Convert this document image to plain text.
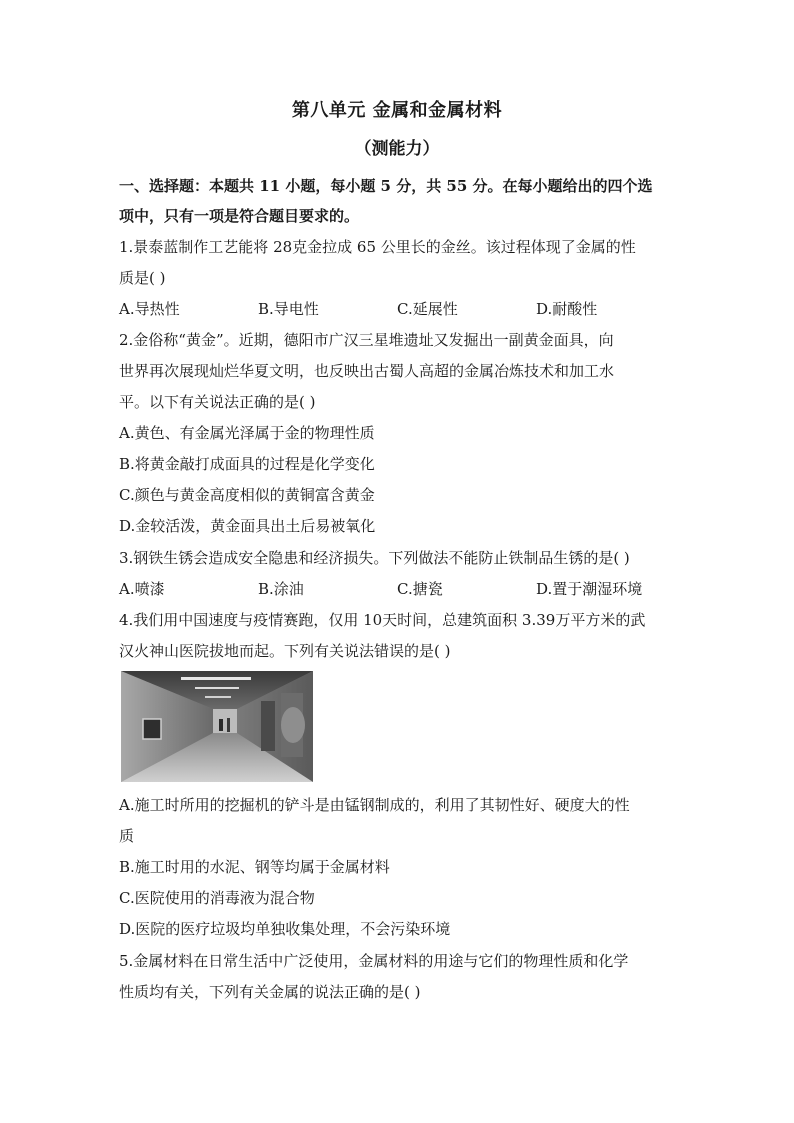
第八单元 金属和金属材料
（测能力）
一、选择题：本题共 11 小题，每小题 5 分，共 55 分。在每小题给出的四个选
项中，只有一项是符合题目要求的。
1.景泰蓝制作工艺能将 28克金拉成 65 公里长的金丝。该过程体现了金属的性
质是( )
A.导热性	B.导电性	C.延展性	D.耐酸性
2.金俗称“黄金”。近期，德阳市广汉三星堆遗址又发掘出一副黄金面具，向
世界再次展现灿烂华夏文明，也反映出古蜀人高超的金属冶炼技术和加工水
平。以下有关说法正确的是( )
A.黄色、有金属光泽属于金的物理性质
B.将黄金敲打成面具的过程是化学变化
C.颜色与黄金高度相似的黄铜富含黄金
D.金较活泼，黄金面具出土后易被氧化
3.钢铁生锈会造成安全隐患和经济损失。下列做法不能防止铁制品生锈的是( )
A.喷漆	B.涂油	C.搪瓷	D.置于潮湿环境
4.我们用中国速度与疫情赛跑，仅用 10天时间，总建筑面积 3.39万平方米的武
汉火神山医院拔地而起。下列有关说法错误的是( )
A.施工时所用的挖掘机的铲斗是由锰钢制成的，利用了其韧性好、硬度大的性
质
B.施工时用的水泥、钢等均属于金属材料
C.医院使用的消毒液为混合物
D.医院的医疗垃圾均单独收集处理，不会污染环境
5.金属材料在日常生活中广泛使用，金属材料的用途与它们的物理性质和化学
性质均有关，下列有关金属的说法正确的是( )
